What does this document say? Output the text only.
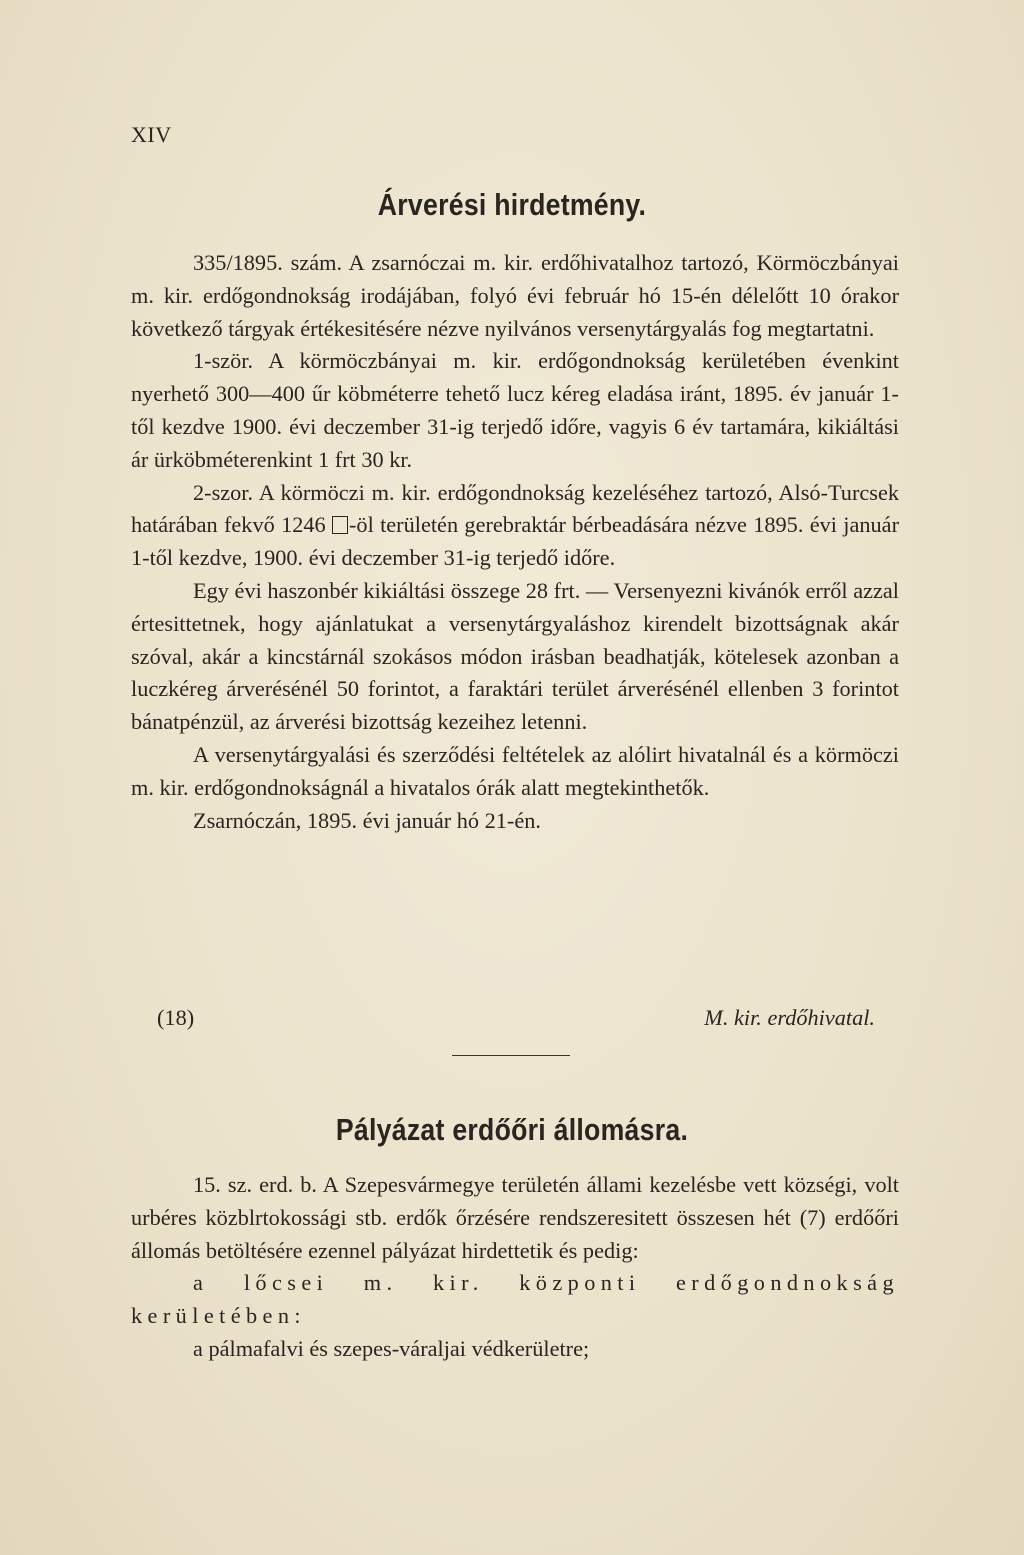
XIV
Árverési hirdetmény.

335/1895. szám. A zsarnóczai m. kir. erdőhivatalhoz tartozó, Körmöczbányai m. kir. erdőgondnokság irodájában, folyó évi február hó 15-én délelőtt 10 órakor következő tárgyak értékesitésére nézve nyilvános versenytárgyalás fog megtartatni.

1-ször. A körmöczbányai m. kir. erdőgondnokság kerületében évenkint nyerhető 300—400 űr köbméterre tehető lucz kéreg eladása iránt, 1895. év január 1-től kezdve 1900. évi deczember 31-ig terjedő időre, vagyis 6 év tartamára, kikiáltási ár ürköbméterenkint 1 frt 30 kr.

2-szor. A körmöczi m. kir. erdőgondnokság kezeléséhez tartozó, Alsó-Turcsek határában fekvő 1246 -öl területén gerebraktár bérbeadására nézve 1895. évi január 1-től kezdve, 1900. évi deczember 31-ig terjedő időre.

Egy évi haszonbér kikiáltási összege 28 frt. — Versenyezni kivánók erről azzal értesittetnek, hogy ajánlatukat a versenytárgyaláshoz kirendelt bizottságnak akár szóval, akár a kincstárnál szokásos módon irásban beadhatják, kötelesek azonban a luczkéreg árverésénél 50 forintot, a faraktári terület árverésénél ellenben 3 forintot bánatpénzül, az árverési bizottság kezeihez letenni.

A versenytárgyalási és szerződési feltételek az alólirt hivatalnál és a körmöczi m. kir. erdőgondnokságnál a hivatalos órák alatt megtekinthetők.

Zsarnóczán, 1895. évi január hó 21-én.

(18)	M. kir. erdőhivatal.
Pályázat erdőőri állomásra.

15. sz. erd. b. A Szepesvármegye területén állami kezelésbe vett községi, volt urbéres közblrtokossági stb. erdők őrzésére rendszeresitett összesen hét (7) erdőőri állomás betöltésére ezennel pályázat hirdettetik és pedig:

a lőcsei m. kir. központi erdőgondnokság kerületében:

a pálmafalvi és szepes-váraljai védkerületre;
